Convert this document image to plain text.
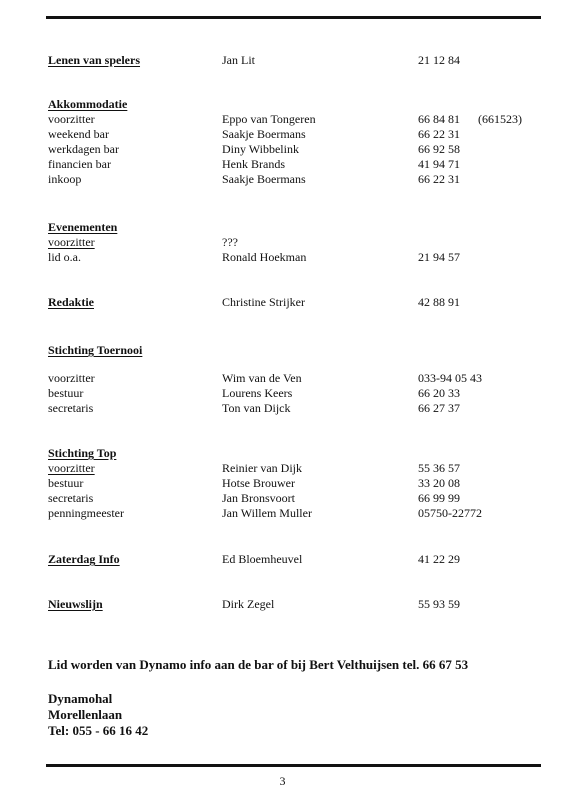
Lenen van spelers	Jan Lit	21 12 84
Akkommodatie
voorzitter	Eppo van Tongeren	66 84 81 (661523)
weekend bar	Saakje Boermans	66 22 31
werkdagen bar	Diny Wibbelink	66 92 58
financien bar	Henk Brands	41 94 71
inkoop	Saakje Boermans	66 22 31
Evenementen
voorzitter	???
lid o.a.	Ronald Hoekman	21 94 57
Redaktie	Christine Strijker	42 88 91
Stichting Toernooi
voorzitter	Wim van de Ven	033-94 05 43
bestuur	Lourens Keers	66 20 33
secretaris	Ton van Dijck	66 27 37
Stichting Top
voorzitter	Reinier van Dijk	55 36 57
bestuur	Hotse Brouwer	33 20 08
secretaris	Jan Bronsvoort	66 99 99
penningmeester	Jan Willem Muller	05750-22772
Zaterdag Info	Ed Bloemheuvel	41 22 29
Nieuwslijn	Dirk Zegel	55 93 59
Lid worden van Dynamo info aan de bar of bij Bert Velthuijsen tel. 66 67 53
Dynamohal
Morellenlaan
Tel: 055 - 66 16 42
3
